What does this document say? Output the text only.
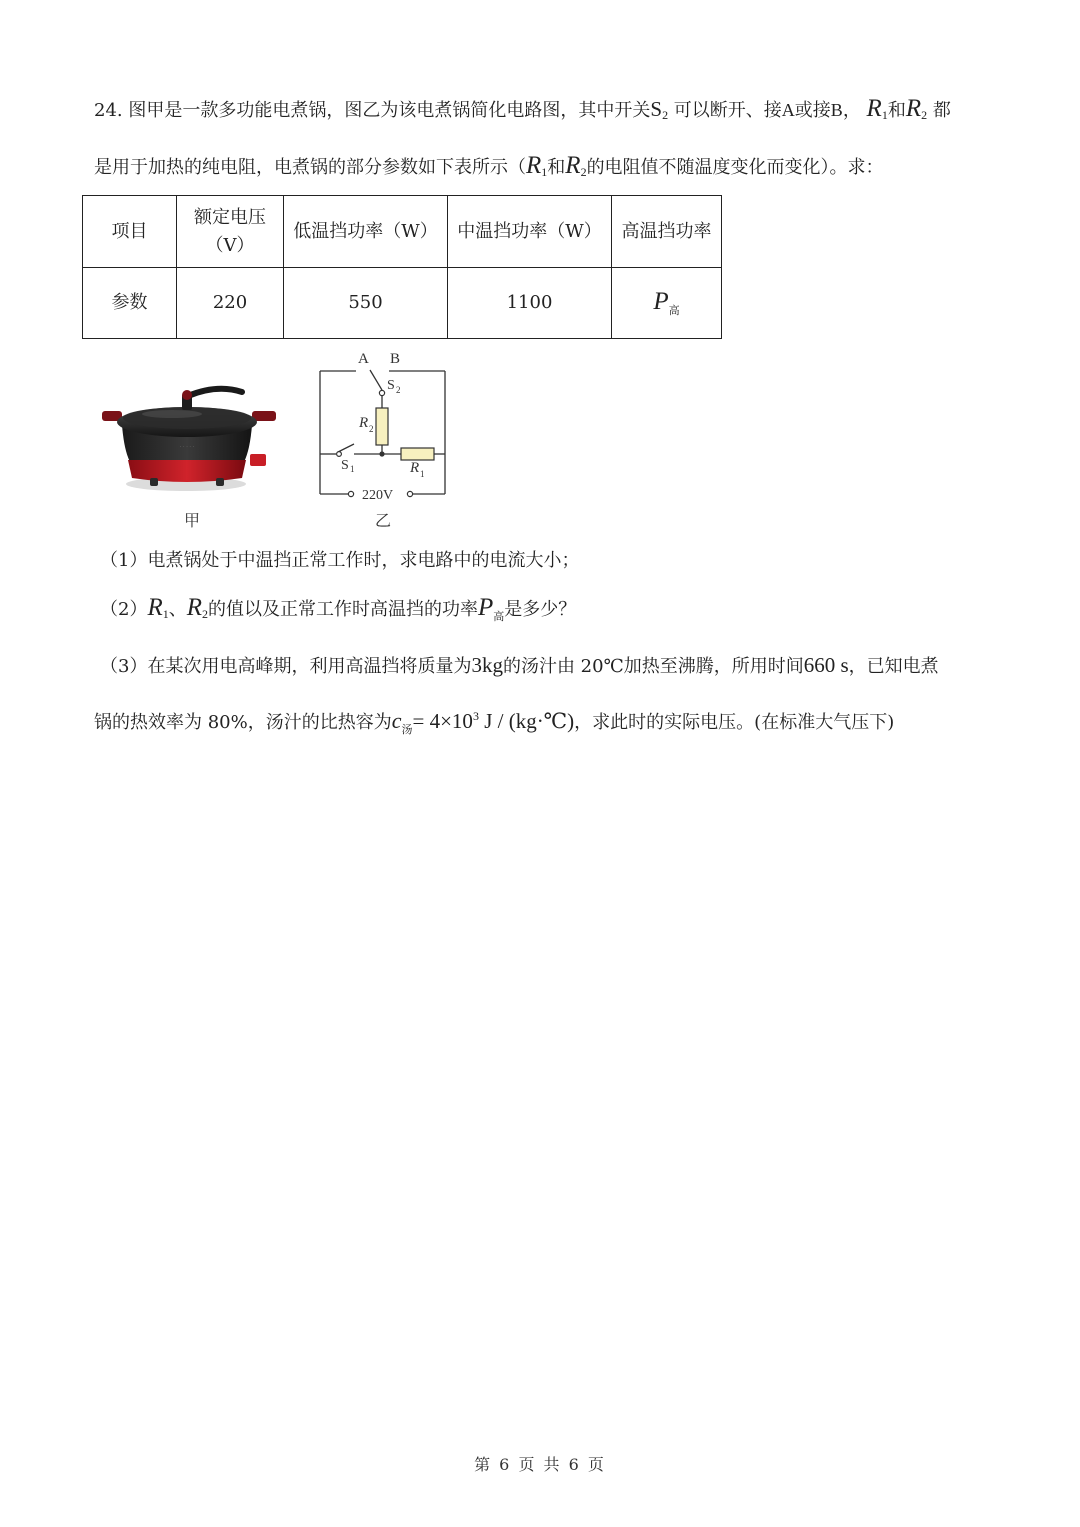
24. 图甲是一款多功能电煮锅，图乙为该电煮锅简化电路图，其中开关$S_2$ 可以断开、接A或接B， $R_1$和$R_2$ 都
是用于加热的纯电阻，电煮锅的部分参数如下表所示（$R_1$和$R_2$的电阻值不随温度变化而变化）。求：
项目	额定电压（V）	低温挡功率（W）	中温挡功率（W）	高温挡功率
参数	220	550	1100	$P_高$
· · · · ·
甲
A B
S 2
R 2
S 1	R 1
220V
乙
（1）电煮锅处于中温挡正常工作时，求电路中的电流大小；
$(2)R_1$、$R_2$的值以及正常工作时高温挡的功率$P_高$是多少？
（3）在某次用电高峰期，利用高温挡将质量为3kg的汤汁由 20℃加热至沸腾，所用时间660 s，已知电煮
锅的热效率为 80%，汤汁的比热容为$c_汤= 4\times 10^3$ J / (kg·℃)，求此时的实际电压。(在标准大气压下)
第 6 页 共 6 页
